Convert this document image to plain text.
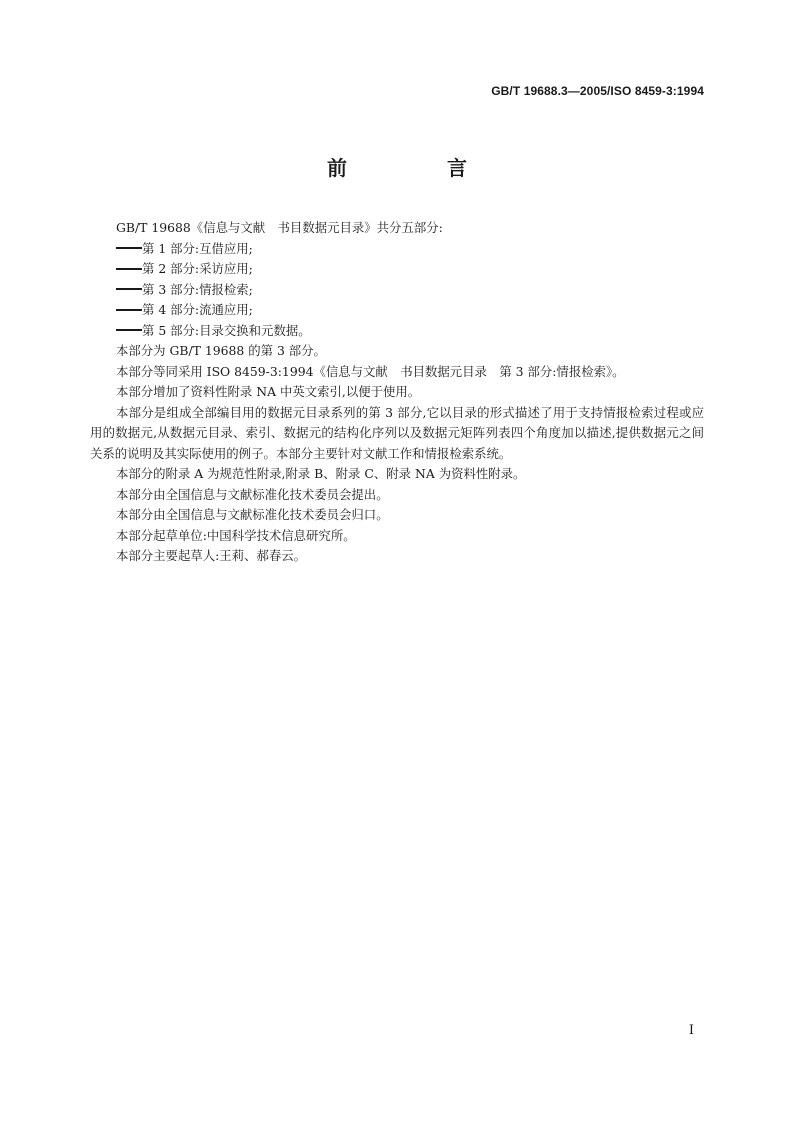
GB/T 19688.3—2005/ISO 8459-3:1994
前　言

GB/T 19688《信息与文献　书目数据元目录》共分五部分:

第 1 部分:互借应用;

第 2 部分:采访应用;

第 3 部分:情报检索;

第 4 部分:流通应用;

第 5 部分:目录交换和元数据。

本部分为 GB/T 19688 的第 3 部分。

本部分等同采用 ISO 8459-3:1994《信息与文献　书目数据元目录　第 3 部分:情报检索》。

本部分增加了资料性附录 NA 中英文索引,以便于使用。

本部分是组成全部编目用的数据元目录系列的第 3 部分,它以目录的形式描述了用于支持情报检索过程或应用的数据元,从数据元目录、索引、数据元的结构化序列以及数据元矩阵列表四个角度加以描述,提供数据元之间关系的说明及其实际使用的例子。本部分主要针对文献工作和情报检索系统。

本部分的附录 A 为规范性附录,附录 B、附录 C、附录 NA 为资料性附录。

本部分由全国信息与文献标准化技术委员会提出。

本部分由全国信息与文献标准化技术委员会归口。

本部分起草单位:中国科学技术信息研究所。

本部分主要起草人:王莉、郝春云。

I
